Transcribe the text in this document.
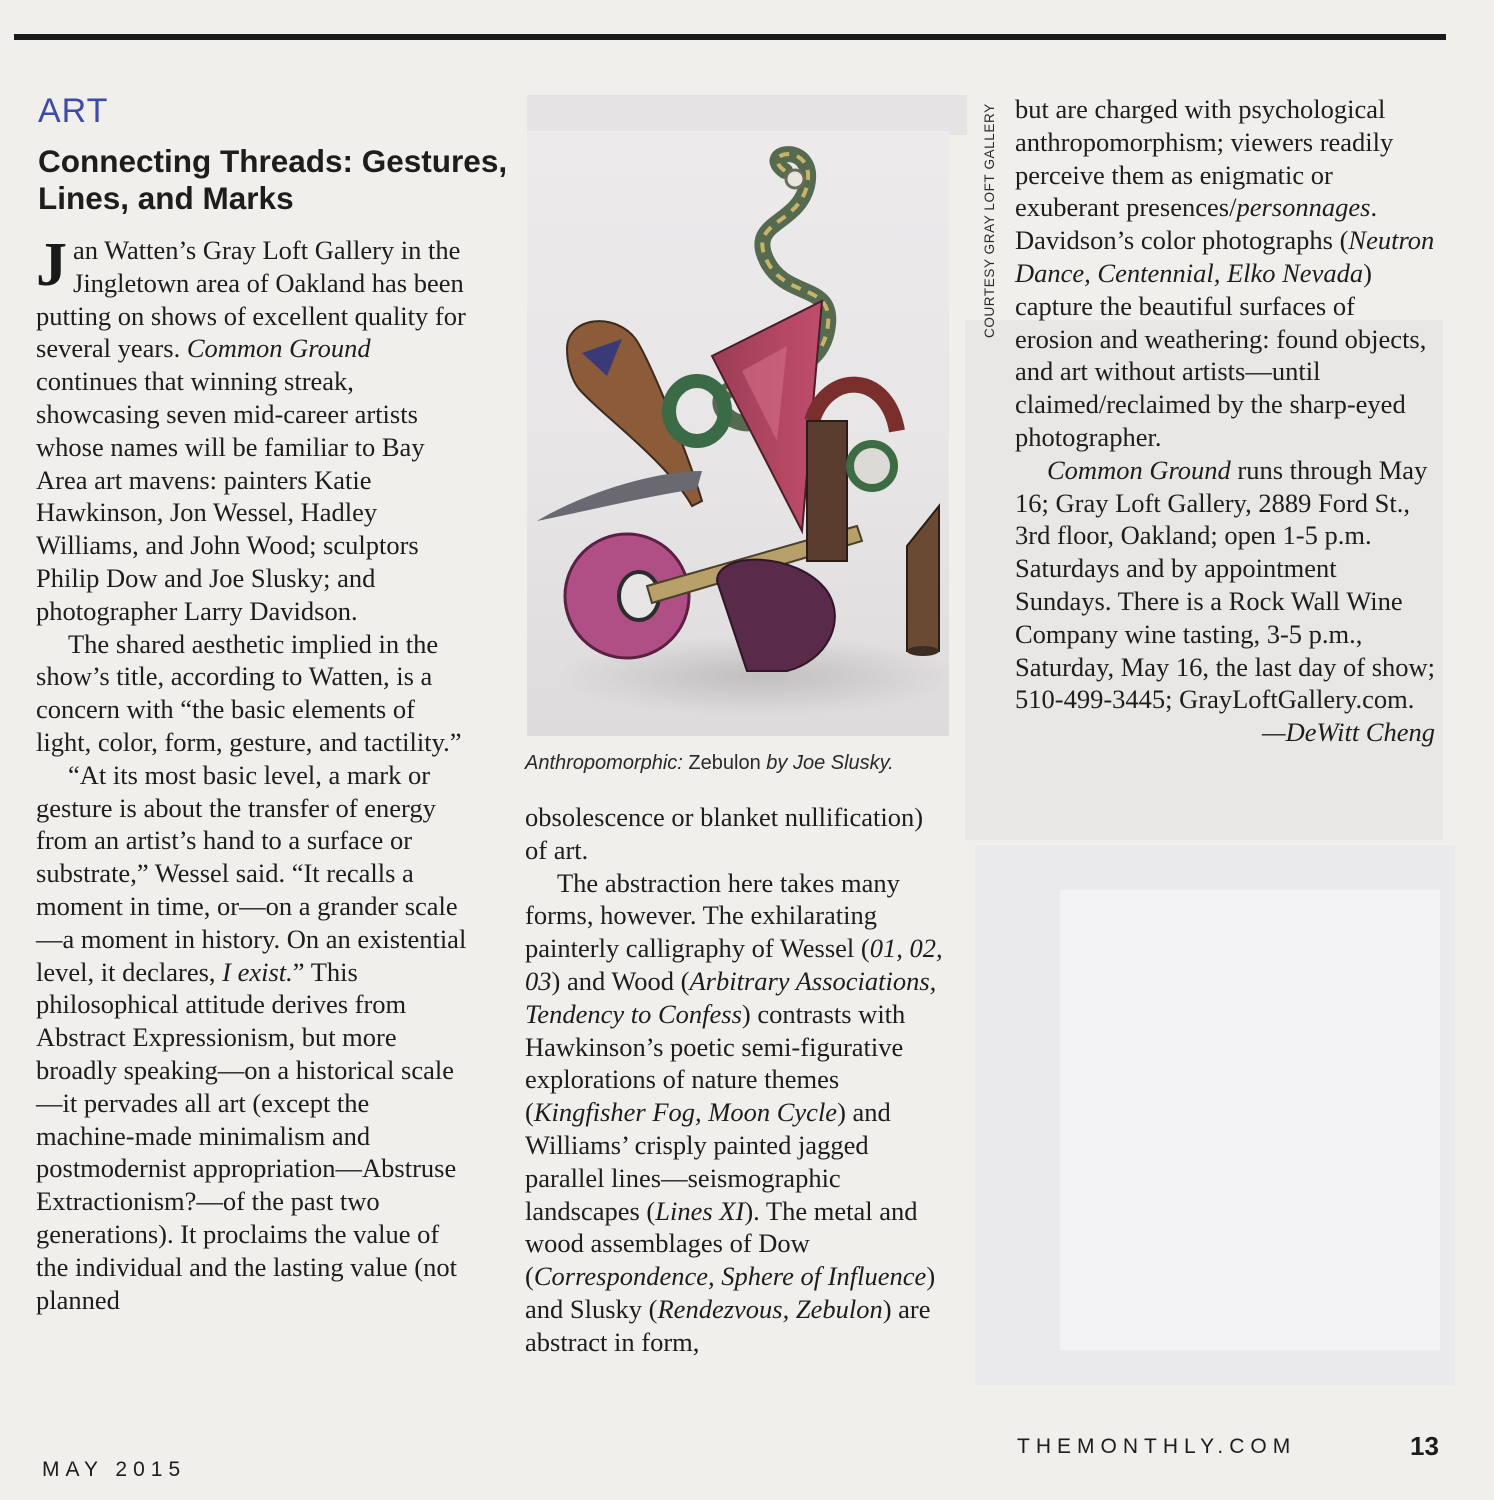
ART
Connecting Threads: Gestures, Lines, and Marks

Jan Watten’s Gray Loft Gallery in the Jingletown area of Oakland has been putting on shows of excellent quality for several years. Common Ground continues that winning streak, showcasing seven mid-career artists whose names will be familiar to Bay Area art mavens: painters Katie Hawkinson, Jon Wessel, Hadley Williams, and John Wood; sculptors Philip Dow and Joe Slusky; and photographer Larry Davidson.

The shared aesthetic implied in the show’s title, according to Watten, is a concern with “the basic elements of light, color, form, gesture, and tactility.”

“At its most basic level, a mark or gesture is about the transfer of energy from an artist’s hand to a surface or substrate,” Wessel said. “It recalls a moment in time, or—on a grander scale—a moment in history. On an existential level, it declares, I exist.” This philosophical attitude derives from Abstract Expressionism, but more broadly speaking—on a historical scale—it pervades all art (except the machine-made minimalism and postmodernist appropriation—Abstruse Extractionism?—of the past two generations). It proclaims the value of the individual and the lasting value (not planned

COURTESY GRAY LOFT GALLERY

Anthropomorphic: Zebulon by Joe Slusky.

obsolescence or blanket nullification) of art.

The abstraction here takes many forms, however. The exhilarating painterly calligraphy of Wessel (01, 02, 03) and Wood (Arbitrary Associations, Tendency to Confess) contrasts with Hawkinson’s poetic semi-figurative explorations of nature themes (Kingfisher Fog, Moon Cycle) and Williams’ crisply painted jagged parallel lines—seismographic landscapes (Lines XI). The metal and wood assemblages of Dow (Correspondence, Sphere of Influence) and Slusky (Rendezvous, Zebulon) are abstract in form,

but are charged with psychological anthropomorphism; viewers readily perceive them as enigmatic or exuberant presences/personnages. Davidson’s color photographs (Neutron Dance, Centennial, Elko Nevada) capture the beautiful surfaces of erosion and weathering: found objects, and art without artists—until claimed/reclaimed by the sharp-eyed photographer.

Common Ground runs through May 16; Gray Loft Gallery, 2889 Ford St., 3rd floor, Oakland; open 1-5 p.m. Saturdays and by appointment Sundays. There is a Rock Wall Wine Company wine tasting, 3-5 p.m., Saturday, May 16, the last day of show; 510-499-3445; GrayLoftGallery.com.

—DeWitt Cheng

MAY 2015
THEMONTHLY.COM	13
